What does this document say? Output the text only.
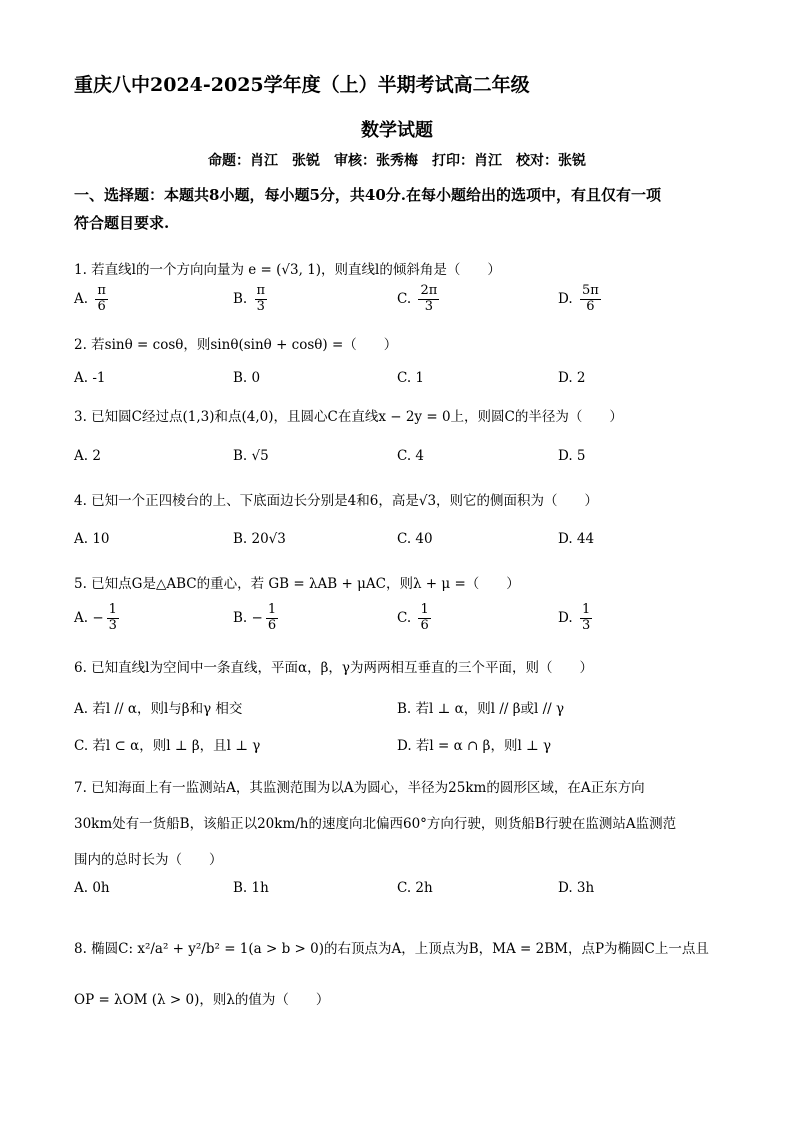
重庆八中2024-2025学年度（上）半期考试高二年级
数学试题
命题：肖江　张锐　审核：张秀梅　打印：肖江　校对：张锐
一、选择题：本题共8小题，每小题5分，共40分.在每小题给出的选项中，有且仅有一项
符合题目要求.
1. 若直线l的一个方向向量为 e = (√3, 1)，则直线l的倾斜角是（　　）
A. $\frac{\pi}{6}$	B. $\frac{\pi}{3}$	C. $\frac{2\pi}{3}$	D. $\frac{5\pi}{6}$
2. 若sinθ = cosθ，则sinθ(sinθ + cosθ) =（　　）
A. -1	B. 0	C. 1	D. 2
3. 已知圆C经过点(1,3)和点(4,0)，且圆心C在直线x − 2y = 0上，则圆C的半径为（　　）
A. 2	B. √5	C. 4	D. 5
4. 已知一个正四棱台的上、下底面边长分别是4和6，高是√3，则它的侧面积为（　　）
A. 10	B. 20√3	C. 40	D. 44
5. 已知点G是△ABC的重心，若 GB = λAB + μAC，则λ + μ =（　　）
A. − $\frac{1}{3}$	B. − $\frac{1}{6}$	C. $\frac{1}{6}$	D. $\frac{1}{3}$
6. 已知直线l为空间中一条直线，平面α，β，γ为两两相互垂直的三个平面，则（　　）
A. 若l // α，则l与β和γ 相交	B. 若l ⊥ α，则l // β或l // γ
C. 若l ⊂ α，则l ⊥ β，且l ⊥ γ	D. 若l = α ∩ β，则l ⊥ γ
7. 已知海面上有一监测站A，其监测范围为以A为圆心，半径为25km的圆形区域，在A正东方向
30km处有一货船B，该船正以20km/h的速度向北偏西60°方向行驶，则货船B行驶在监测站A监测范
围内的总时长为（　　）
A. 0h	B. 1h	C. 2h	D. 3h
8. 椭圆C: x²/a² + y²/b² = 1(a > b > 0)的右顶点为A，上顶点为B，MA = 2BM，点P为椭圆C上一点且
OP = λOM (λ > 0)，则λ的值为（　　）
